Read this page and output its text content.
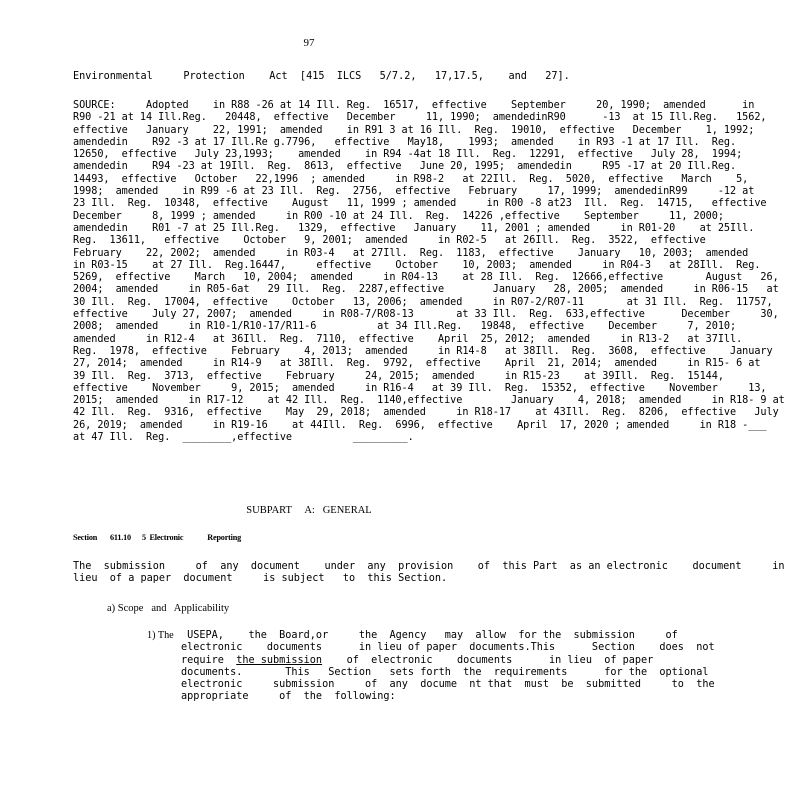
97
Environmental     Protection    Act  [415  ILCS   5/7.2,   17,17.5,    and   27].
SOURCE:     Adopted    in R88 -26 at 14 Ill. Reg.  16517,  effective    September     20, 1990;  amended      in
R90 -21 at 14 Ill.Reg.   20448,  effective   December     11, 1990;  amendedinR90      -13  at 15 Ill.Reg.   1562,
effective   January    22, 1991;  amended    in R91 3 at 16 Ill.  Reg.  19010,  effective   December    1, 1992;
amendedin    R92 -3 at 17 Ill.Re g.7796,   effective   May18,    1993;  amended    in R93 -1 at 17 Ill.  Reg.
12650,  effective   July 23,1993;    amended    in R94 -4at 18 Ill.  Reg.  12291,  effective   July 28,  1994;
amendedin    R94 -23 at 19Ill.  Reg.  8613,  effective   June 20, 1995;  amendedin     R95 -17 at 20 Ill.Reg.
14493,  effective   October   22,1996  ; amended     in R98-2   at 22Ill.  Reg.  5020,  effective   March    5,
1998;  amended    in R99 -6 at 23 Ill.  Reg.  2756,  effective   February     17, 1999;  amendedinR99     -12 at
23 Ill.  Reg.  10348,  effective    August   11, 1999 ; amended     in R00 -8 at23  Ill.  Reg.  14715,   effective
December     8, 1999 ; amended     in R00 -10 at 24 Ill.  Reg.  14226 ,effective    September     11, 2000;
amendedin    R01 -7 at 25 Ill.Reg.   1329,  effective   January    11, 2001 ; amended     in R01-20    at 25Ill.
Reg.  13611,   effective    October   9, 2001;  amended     in R02-5   at 26Ill.  Reg.  3522,  effective
February    22, 2002;  amended     in R03-4   at 27Ill.  Reg.  1183,  effective    January   10, 2003;  amended
in R03-15    at 27 Ill.  Reg.16447,     effective    October    10, 2003;  amended     in R04-3   at 28Ill.  Reg.
5269,  effective    March   10, 2004;  amended     in R04-13    at 28 Ill.  Reg.  12666,effective       August   26,
2004;  amended     in R05-6at   29 Ill.  Reg.  2287,effective        January   28, 2005;  amended     in R06-15   at
30 Ill.  Reg.  17004,  effective    October   13, 2006;  amended     in R07-2/R07-11       at 31 Ill.  Reg.  11757,
effective    July 27, 2007;  amended     in R08-7/R08-13       at 33 Ill.  Reg.  633,effective      December     30,
2008;  amended     in R10-1/R10-17/R11-6          at 34 Ill.Reg.   19848,  effective    December     7, 2010;
amended     in R12-4   at 36Ill.  Reg.  7110,  effective    April  25, 2012;  amended     in R13-2   at 37Ill.
Reg.  1978,  effective    February    4, 2013;  amended     in R14-8   at 38Ill.  Reg.  3608,  effective    January
27, 2014;  amended     in R14-9   at 38Ill.  Reg.  9792,  effective    April  21, 2014;  amended     in R15- 6 at
39 Ill.  Reg.  3713,  effective    February     24, 2015;  amended     in R15-23    at 39Ill.  Reg.  15144,
effective    November     9, 2015;  amended     in R16-4   at 39 Ill.  Reg.  15352,  effective    November     13,
2015;  amended     in R17-12    at 42 Ill.  Reg.  1140,effective        January    4, 2018;  amended     in R18- 9 at
42 Ill.  Reg.  9316,  effective    May  29, 2018;  amended     in R18-17    at 43Ill.  Reg.  8206,  effective   July
26, 2019;  amended     in R19-16    at 44Ill.  Reg.  6996,  effective    April  17, 2020 ; amended     in R18 -___
at 47 Ill.  Reg.  ________,effective          _________.
SUBPART     A:   GENERAL
Section       611.10      5  Electronic             Reporting
The  submission     of  any  document    under  any  provision    of  this Part  as an electronic    document     in
lieu  of a paper  document     is subject   to  this Section.
a) Scope   and   Applicability
1) The USEPA,    the  Board,or     the  Agency   may  allow  for the  submission     of
electronic    documents      in lieu of paper  documents.This      Section    does  not
require  the submission    of  electronic    documents      in lieu  of paper
documents.       This   Section   sets forth  the  requirements      for the  optional
electronic     submission     of  any  docume  nt that  must  be  submitted     to  the
appropriate     of  the  following:
